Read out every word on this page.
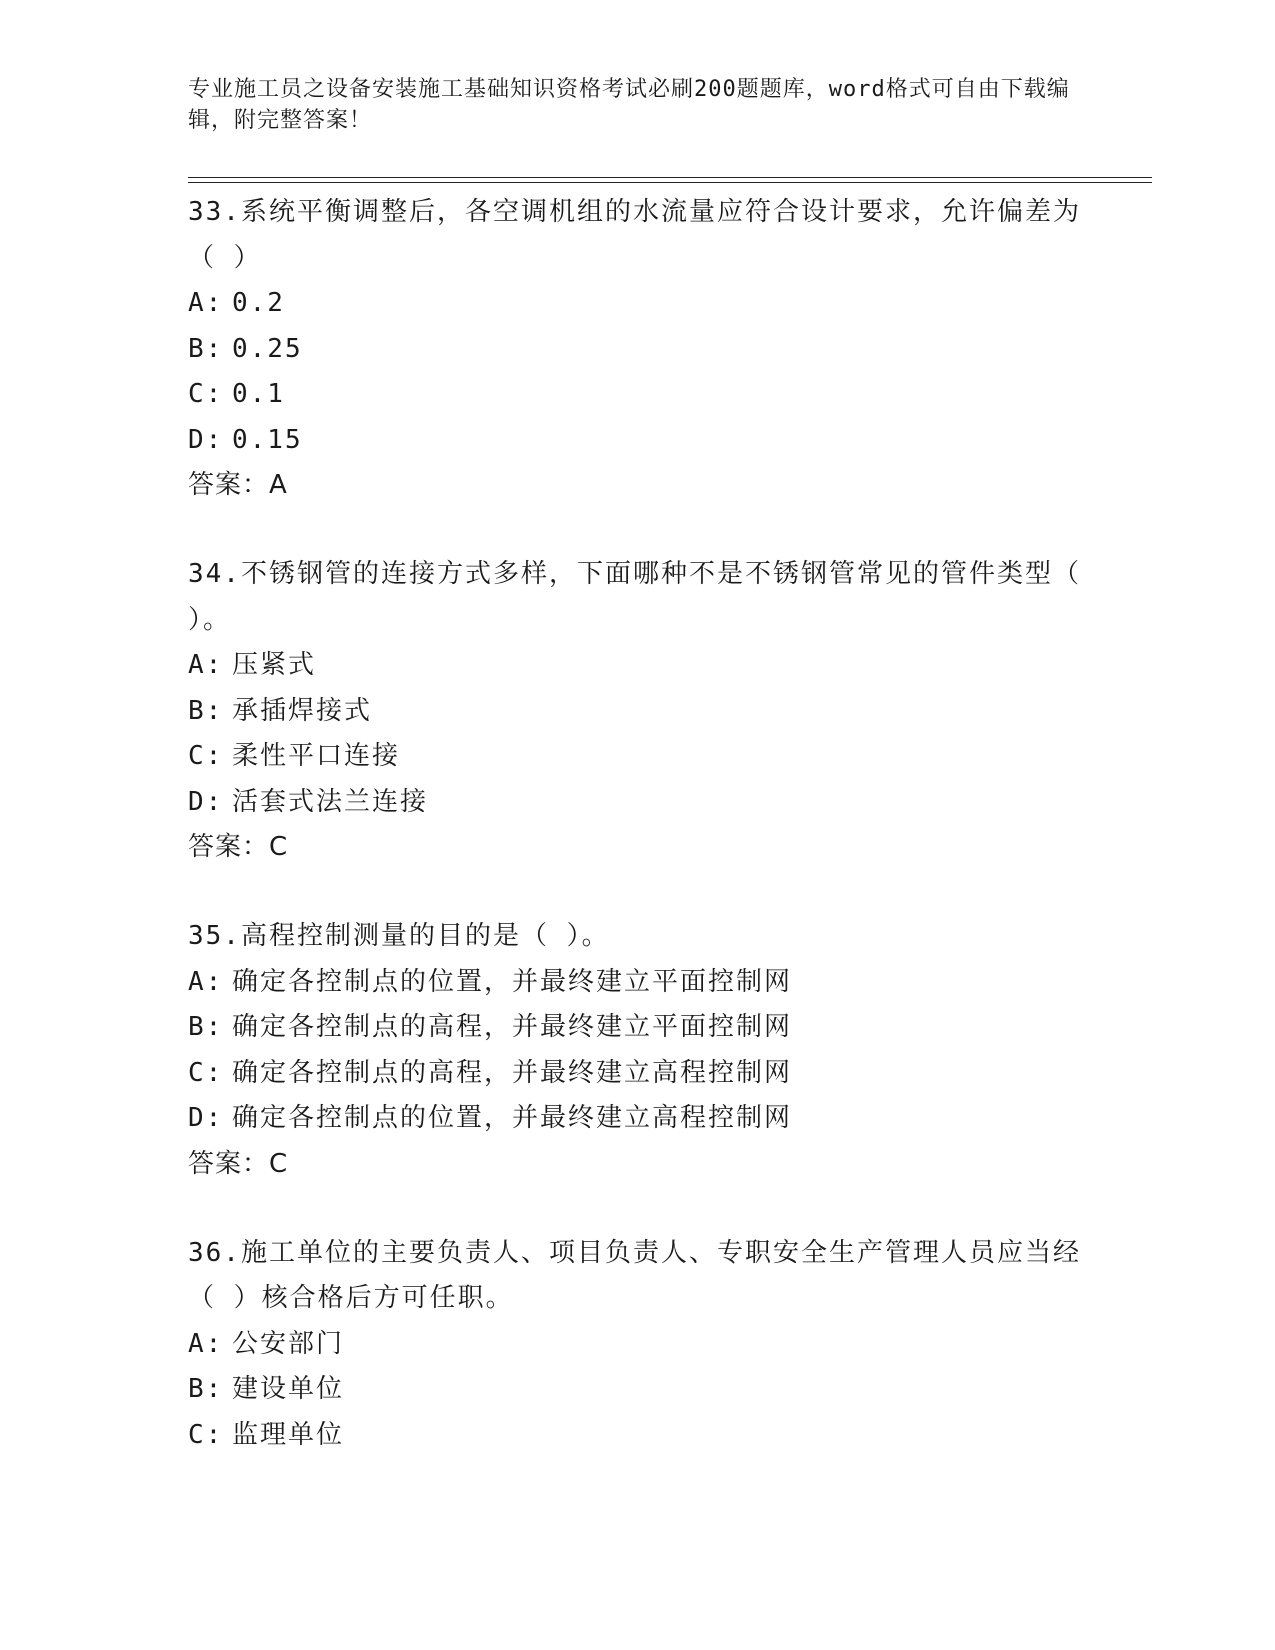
专业施工员之设备安装施工基础知识资格考试必刷200题题库，word格式可自由下载编辑，附完整答案！

33.系统平衡调整后，各空调机组的水流量应符合设计要求，允许偏差为（ ）

A: 0.2

B: 0.25

C: 0.1

D: 0.15

答案：A

34.不锈钢管的连接方式多样，下面哪种不是不锈钢管常见的管件类型（ ）。

A: 压紧式

B: 承插焊接式

C: 柔性平口连接

D: 活套式法兰连接

答案：C

35.高程控制测量的目的是（ ）。

A: 确定各控制点的位置，并最终建立平面控制网

B: 确定各控制点的高程，并最终建立平面控制网

C: 确定各控制点的高程，并最终建立高程控制网

D: 确定各控制点的位置，并最终建立高程控制网

答案：C

36.施工单位的主要负责人、项目负责人、专职安全生产管理人员应当经（ ）核合格后方可任职。

A: 公安部门

B: 建设单位

C: 监理单位
